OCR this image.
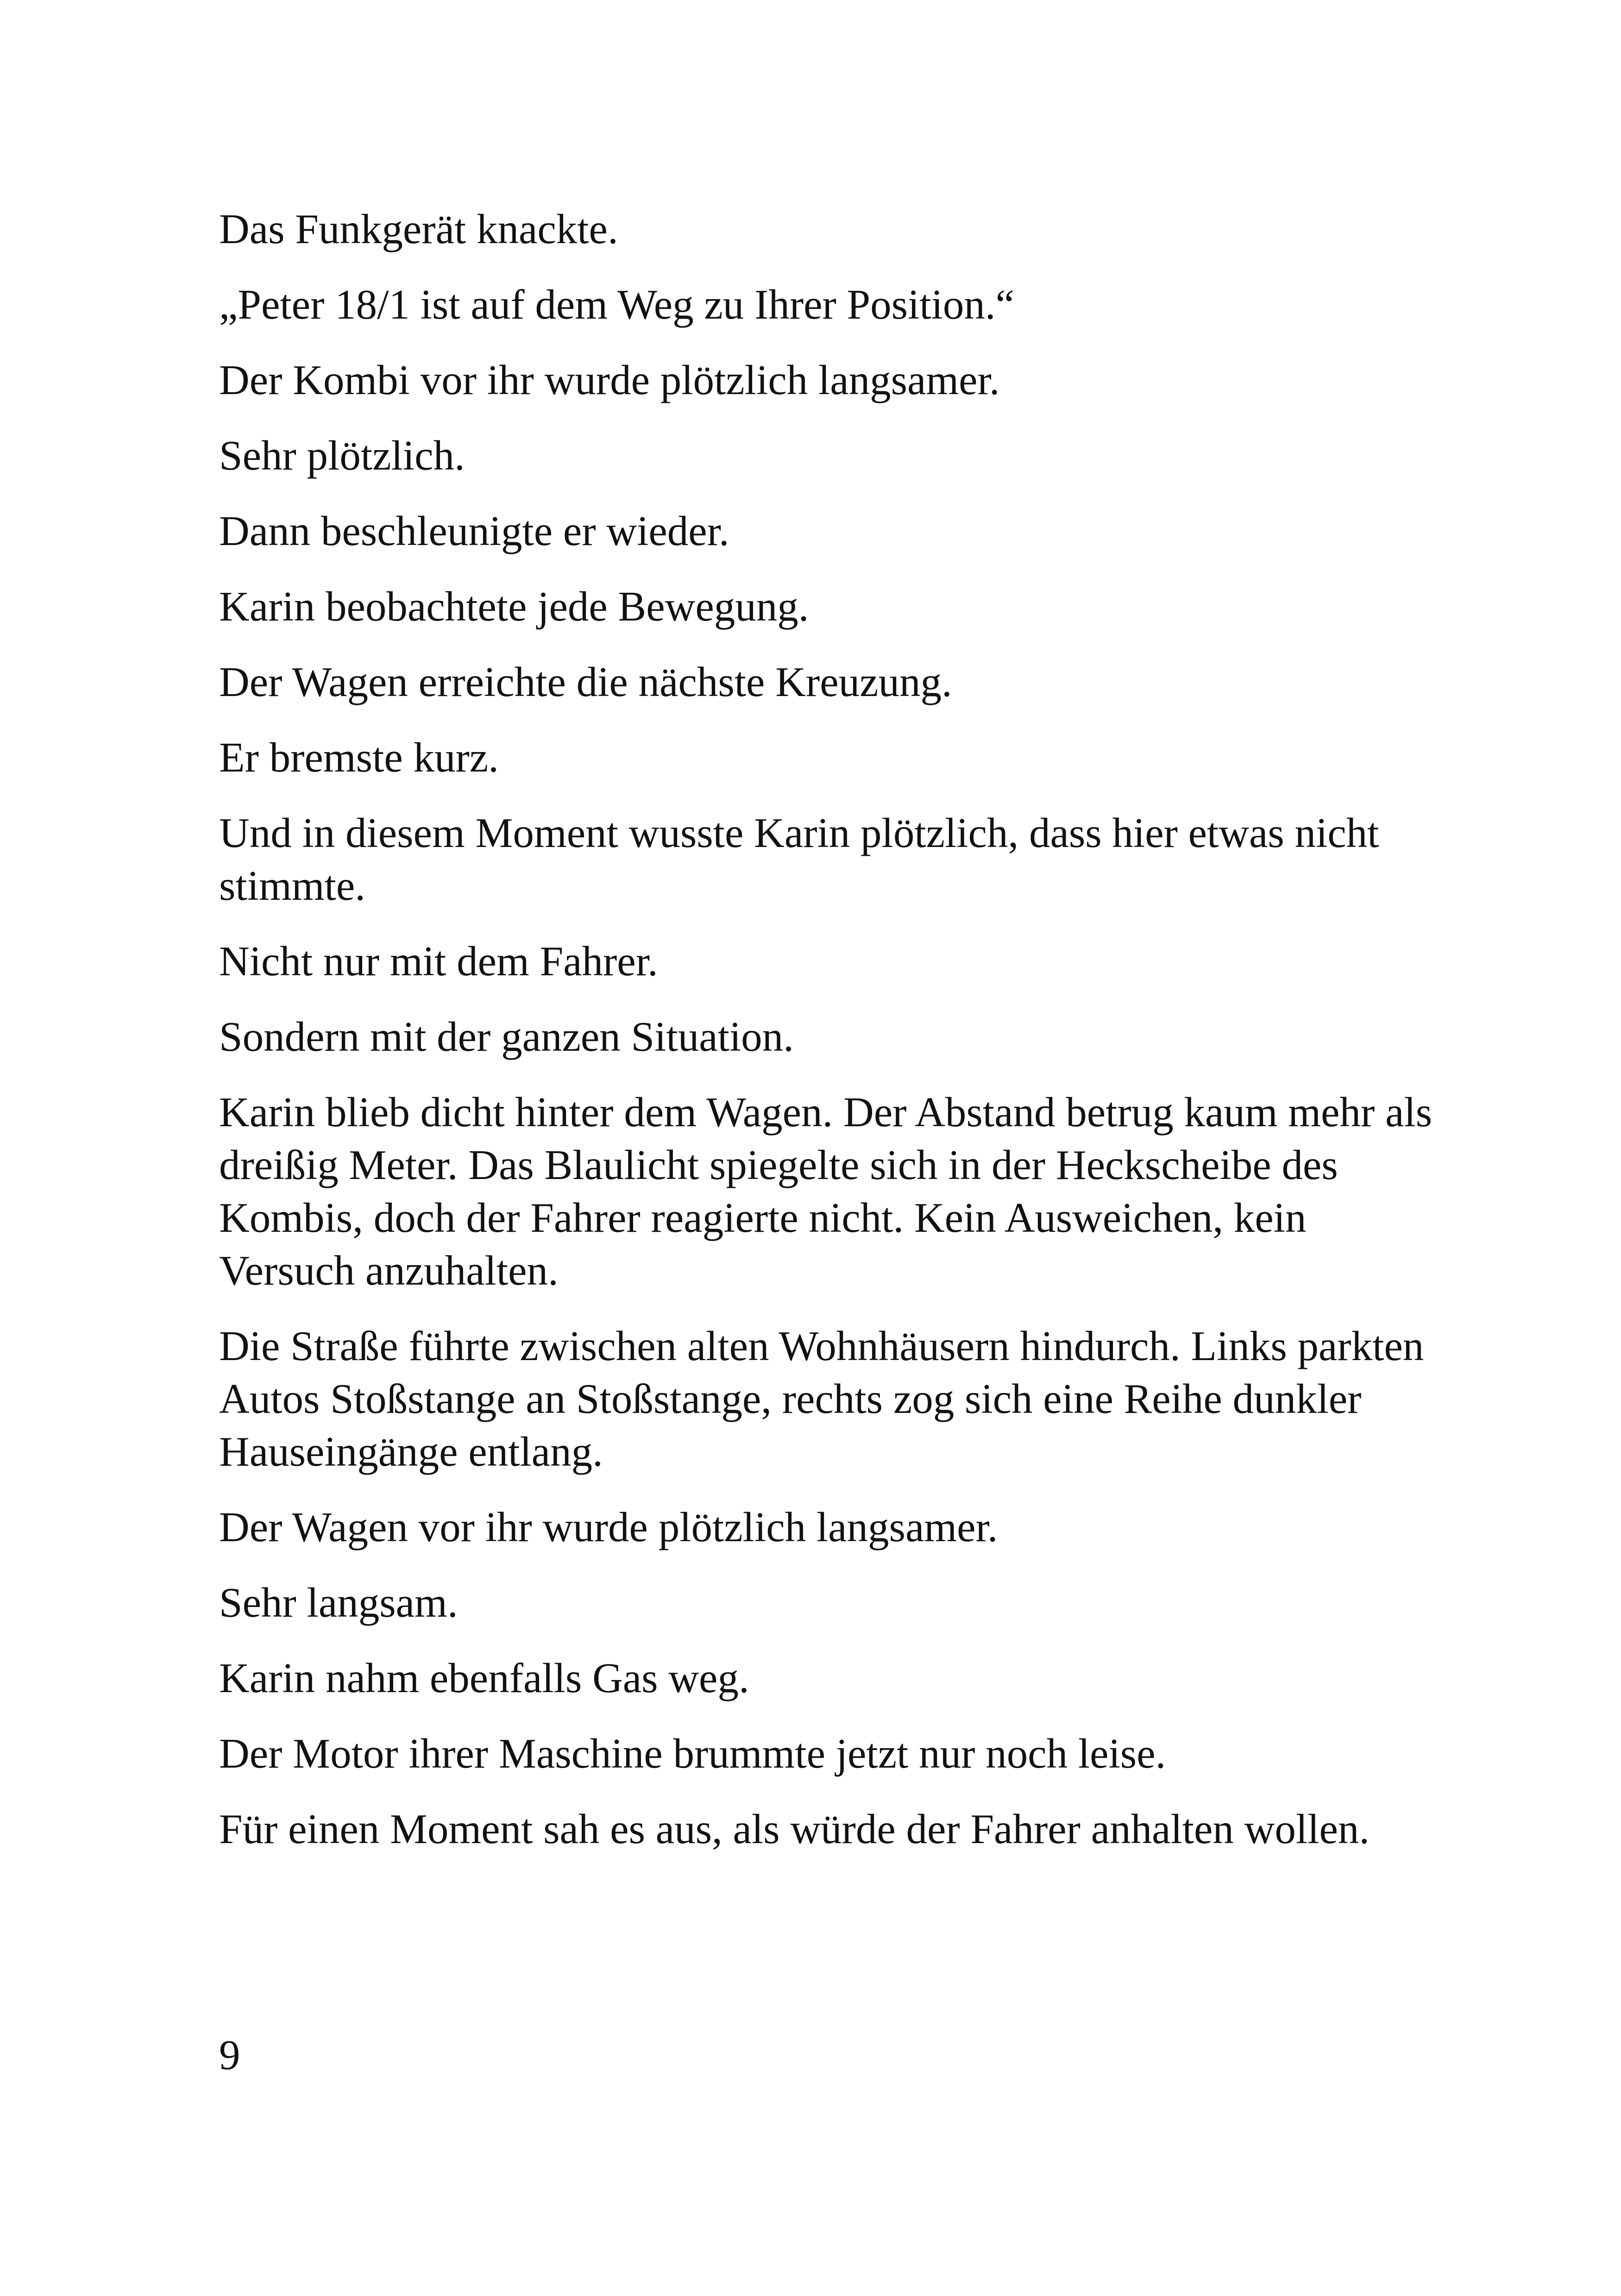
Das Funkgerät knackte.

„Peter 18/1 ist auf dem Weg zu Ihrer Position.“

Der Kombi vor ihr wurde plötzlich langsamer.

Sehr plötzlich.

Dann beschleunigte er wieder.

Karin beobachtete jede Bewegung.

Der Wagen erreichte die nächste Kreuzung.

Er bremste kurz.

Und in diesem Moment wusste Karin plötzlich, dass hier etwas nicht stimmte.

Nicht nur mit dem Fahrer.

Sondern mit der ganzen Situation.

Karin blieb dicht hinter dem Wagen. Der Abstand betrug kaum mehr als dreißig Meter. Das Blaulicht spiegelte sich in der Heckscheibe des Kombis, doch der Fahrer reagierte nicht. Kein Ausweichen, kein Versuch anzuhalten.

Die Straße führte zwischen alten Wohnhäusern hindurch. Links parkten Autos Stoßstange an Stoßstange, rechts zog sich eine Reihe dunkler Hauseingänge entlang.

Der Wagen vor ihr wurde plötzlich langsamer.

Sehr langsam.

Karin nahm ebenfalls Gas weg.

Der Motor ihrer Maschine brummte jetzt nur noch leise.

Für einen Moment sah es aus, als würde der Fahrer anhalten wollen.

9
